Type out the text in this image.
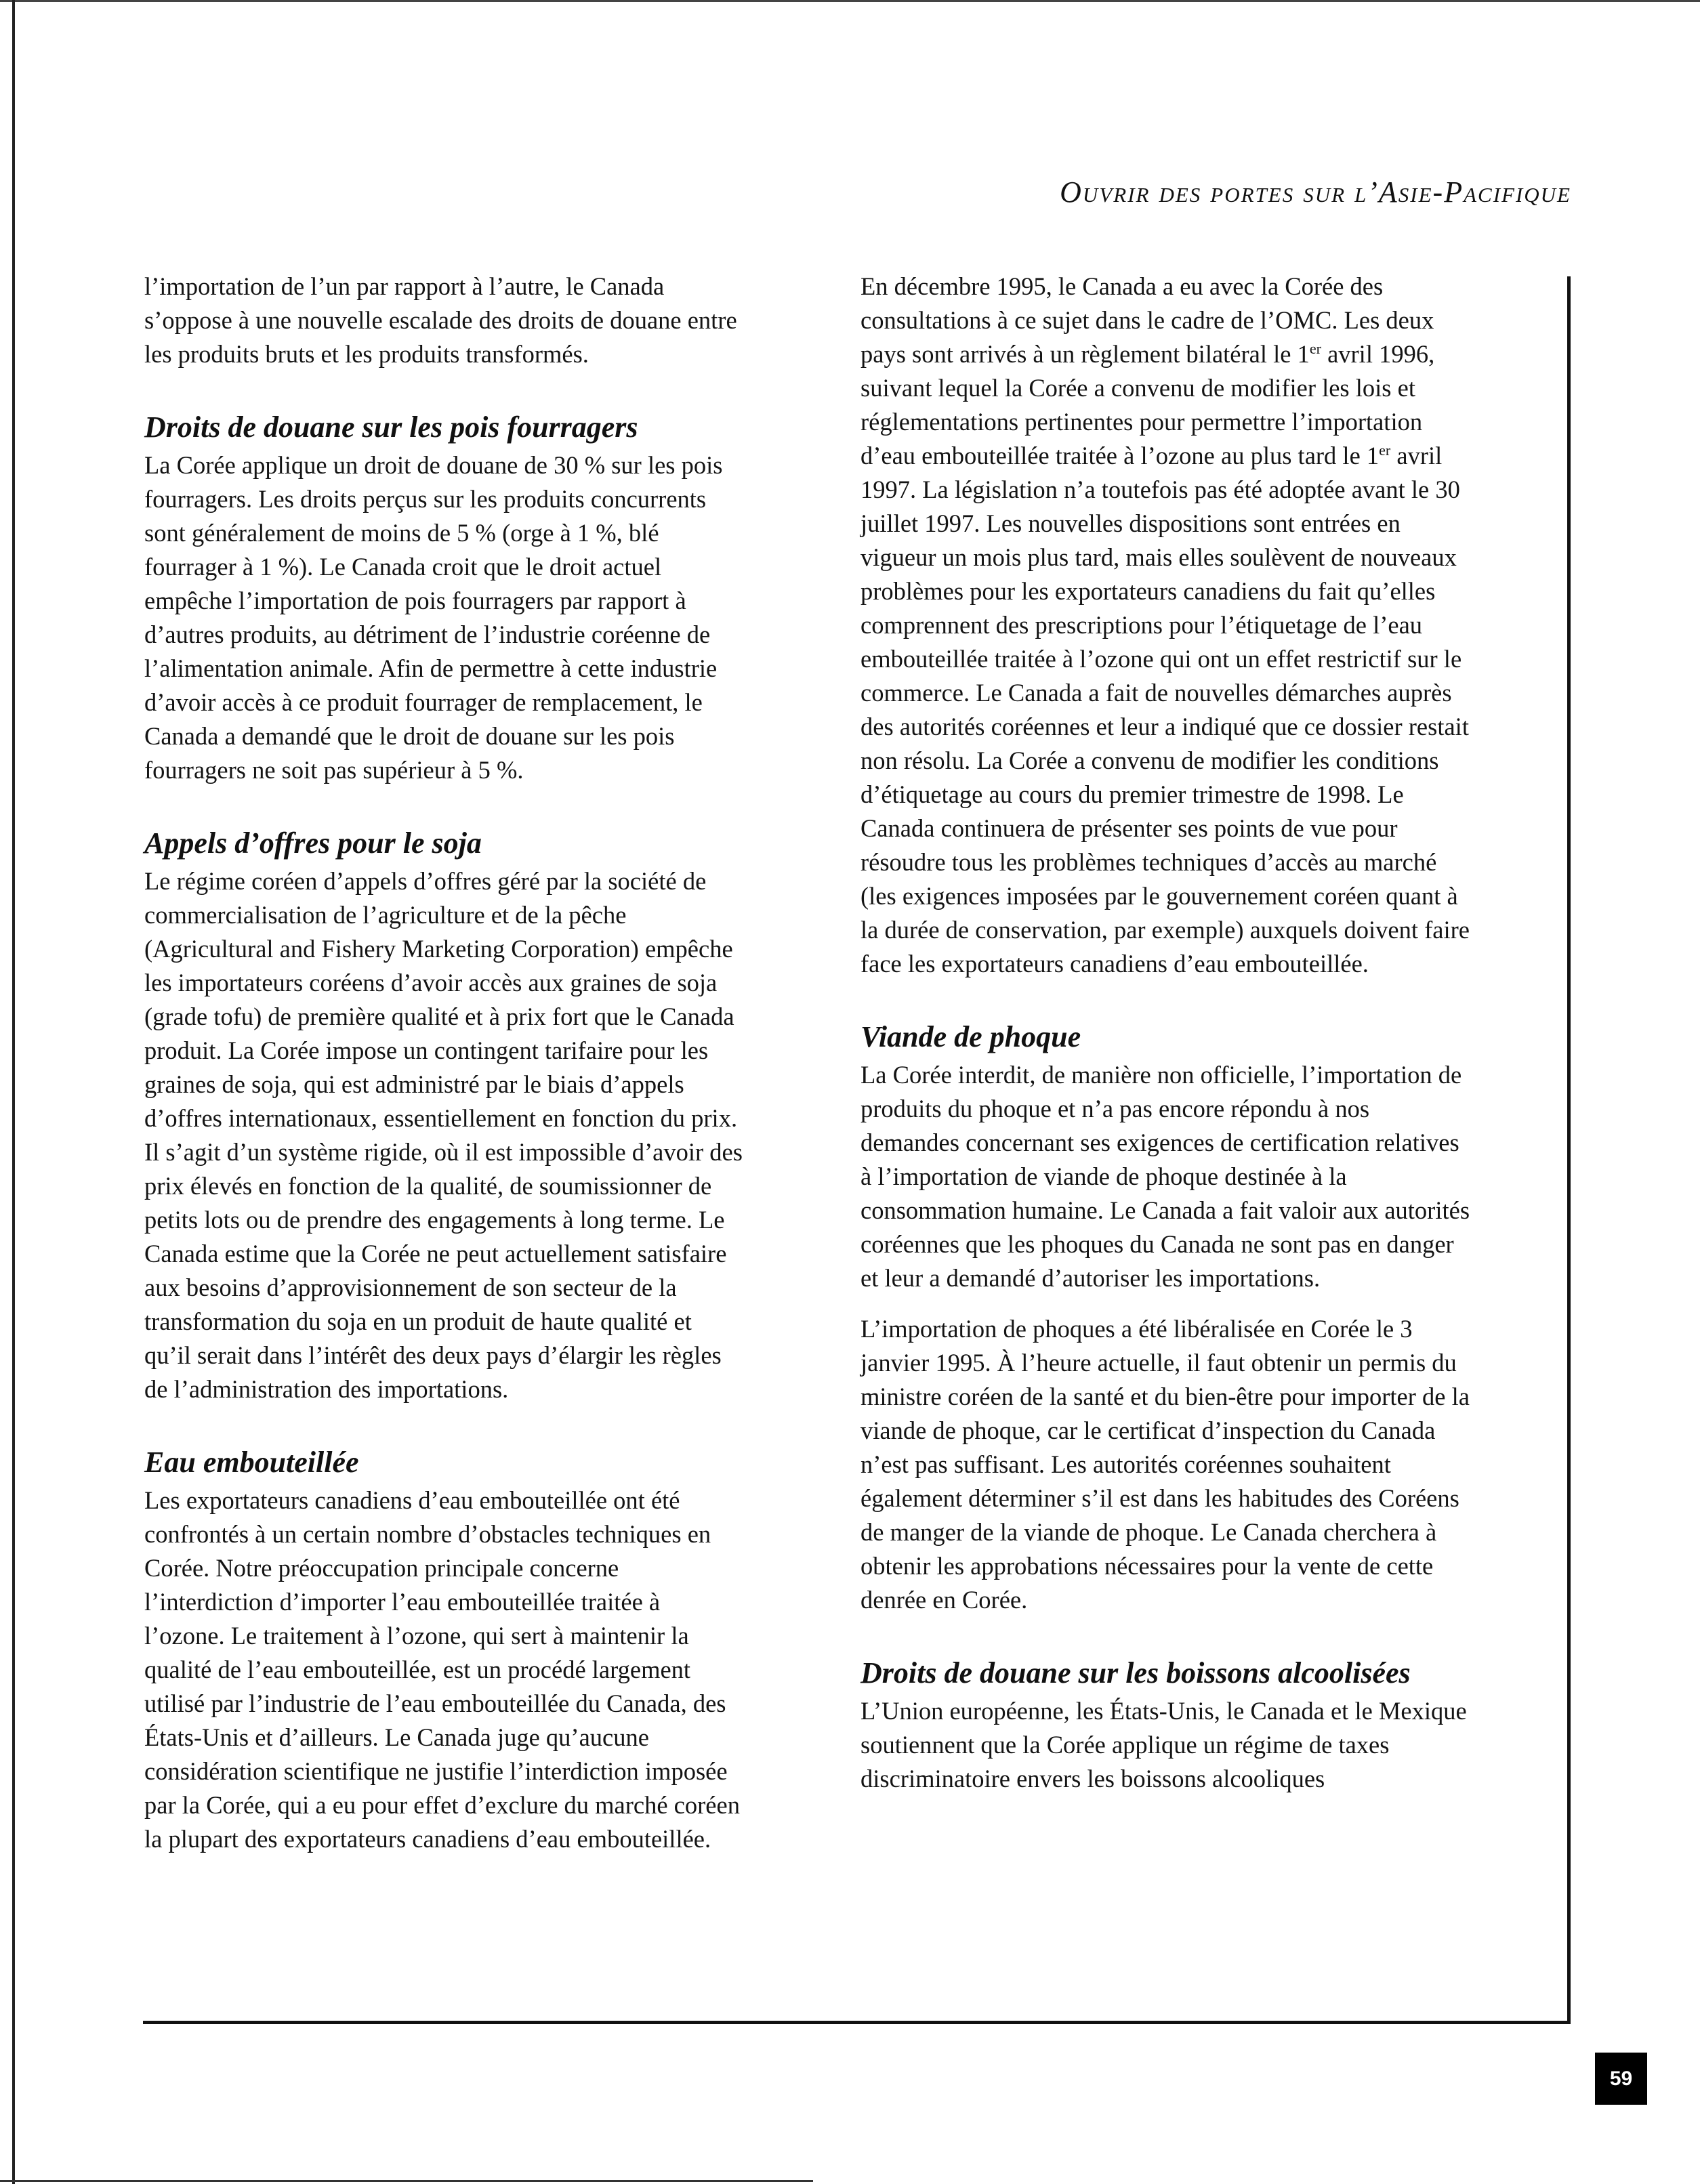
Ouvrir des portes sur l’Asie-Pacifique

l’importation de l’un par rapport à l’autre, le Canada s’oppose à une nouvelle escalade des droits de douane entre les produits bruts et les produits transformés.

Droits de douane sur les pois fourragers

La Corée applique un droit de douane de 30 % sur les pois fourragers. Les droits perçus sur les produits concurrents sont généralement de moins de 5 % (orge à 1 %, blé fourrager à 1 %). Le Canada croit que le droit actuel empêche l’importation de pois fourragers par rapport à d’autres produits, au détriment de l’industrie coréenne de l’alimentation animale. Afin de permettre à cette industrie d’avoir accès à ce produit fourrager de remplacement, le Canada a demandé que le droit de douane sur les pois fourragers ne soit pas supérieur à 5 %.

Appels d’offres pour le soja

Le régime coréen d’appels d’offres géré par la société de commercialisation de l’agriculture et de la pêche (Agricultural and Fishery Marketing Corporation) empêche les importateurs coréens d’avoir accès aux graines de soja (grade tofu) de première qualité et à prix fort que le Canada produit. La Corée impose un contingent tarifaire pour les graines de soja, qui est administré par le biais d’appels d’offres internationaux, essentiellement en fonction du prix. Il s’agit d’un système rigide, où il est impossible d’avoir des prix élevés en fonction de la qualité, de soumissionner de petits lots ou de prendre des engagements à long terme. Le Canada estime que la Corée ne peut actuellement satisfaire aux besoins d’approvisionnement de son secteur de la transformation du soja en un produit de haute qualité et qu’il serait dans l’intérêt des deux pays d’élargir les règles de l’administration des importations.

Eau embouteillée

Les exportateurs canadiens d’eau embouteillée ont été confrontés à un certain nombre d’obstacles techniques en Corée. Notre préoccupation principale concerne l’interdiction d’importer l’eau embouteillée traitée à l’ozone. Le traitement à l’ozone, qui sert à maintenir la qualité de l’eau embouteillée, est un procédé largement utilisé par l’industrie de l’eau embouteillée du Canada, des États-Unis et d’ailleurs. Le Canada juge qu’aucune considération scientifique ne justifie l’interdiction imposée par la Corée, qui a eu pour effet d’exclure du marché coréen la plupart des exportateurs canadiens d’eau embouteillée.

En décembre 1995, le Canada a eu avec la Corée des consultations à ce sujet dans le cadre de l’OMC. Les deux pays sont arrivés à un règlement bilatéral le 1er avril 1996, suivant lequel la Corée a convenu de modifier les lois et réglementations pertinentes pour permettre l’importation d’eau embouteillée traitée à l’ozone au plus tard le 1er avril 1997. La législation n’a toutefois pas été adoptée avant le 30 juillet 1997. Les nouvelles dispositions sont entrées en vigueur un mois plus tard, mais elles soulèvent de nouveaux problèmes pour les exportateurs canadiens du fait qu’elles comprennent des prescriptions pour l’étiquetage de l’eau embouteillée traitée à l’ozone qui ont un effet restrictif sur le commerce. Le Canada a fait de nouvelles démarches auprès des autorités coréennes et leur a indiqué que ce dossier restait non résolu. La Corée a convenu de modifier les conditions d’étiquetage au cours du premier trimestre de 1998. Le Canada continuera de présenter ses points de vue pour résoudre tous les problèmes techniques d’accès au marché (les exigences imposées par le gouvernement coréen quant à la durée de conservation, par exemple) auxquels doivent faire face les exportateurs canadiens d’eau embouteillée.

Viande de phoque

La Corée interdit, de manière non officielle, l’importation de produits du phoque et n’a pas encore répondu à nos demandes concernant ses exigences de certification relatives à l’importation de viande de phoque destinée à la consommation humaine. Le Canada a fait valoir aux autorités coréennes que les phoques du Canada ne sont pas en danger et leur a demandé d’autoriser les importations.

L’importation de phoques a été libéralisée en Corée le 3 janvier 1995. À l’heure actuelle, il faut obtenir un permis du ministre coréen de la santé et du bien-être pour importer de la viande de phoque, car le certificat d’inspection du Canada n’est pas suffisant. Les autorités coréennes souhaitent également déterminer s’il est dans les habitudes des Coréens de manger de la viande de phoque. Le Canada cherchera à obtenir les approbations nécessaires pour la vente de cette denrée en Corée.

Droits de douane sur les boissons alcoolisées

L’Union européenne, les États-Unis, le Canada et le Mexique soutiennent que la Corée applique un régime de taxes discriminatoire envers les boissons alcooliques

59
